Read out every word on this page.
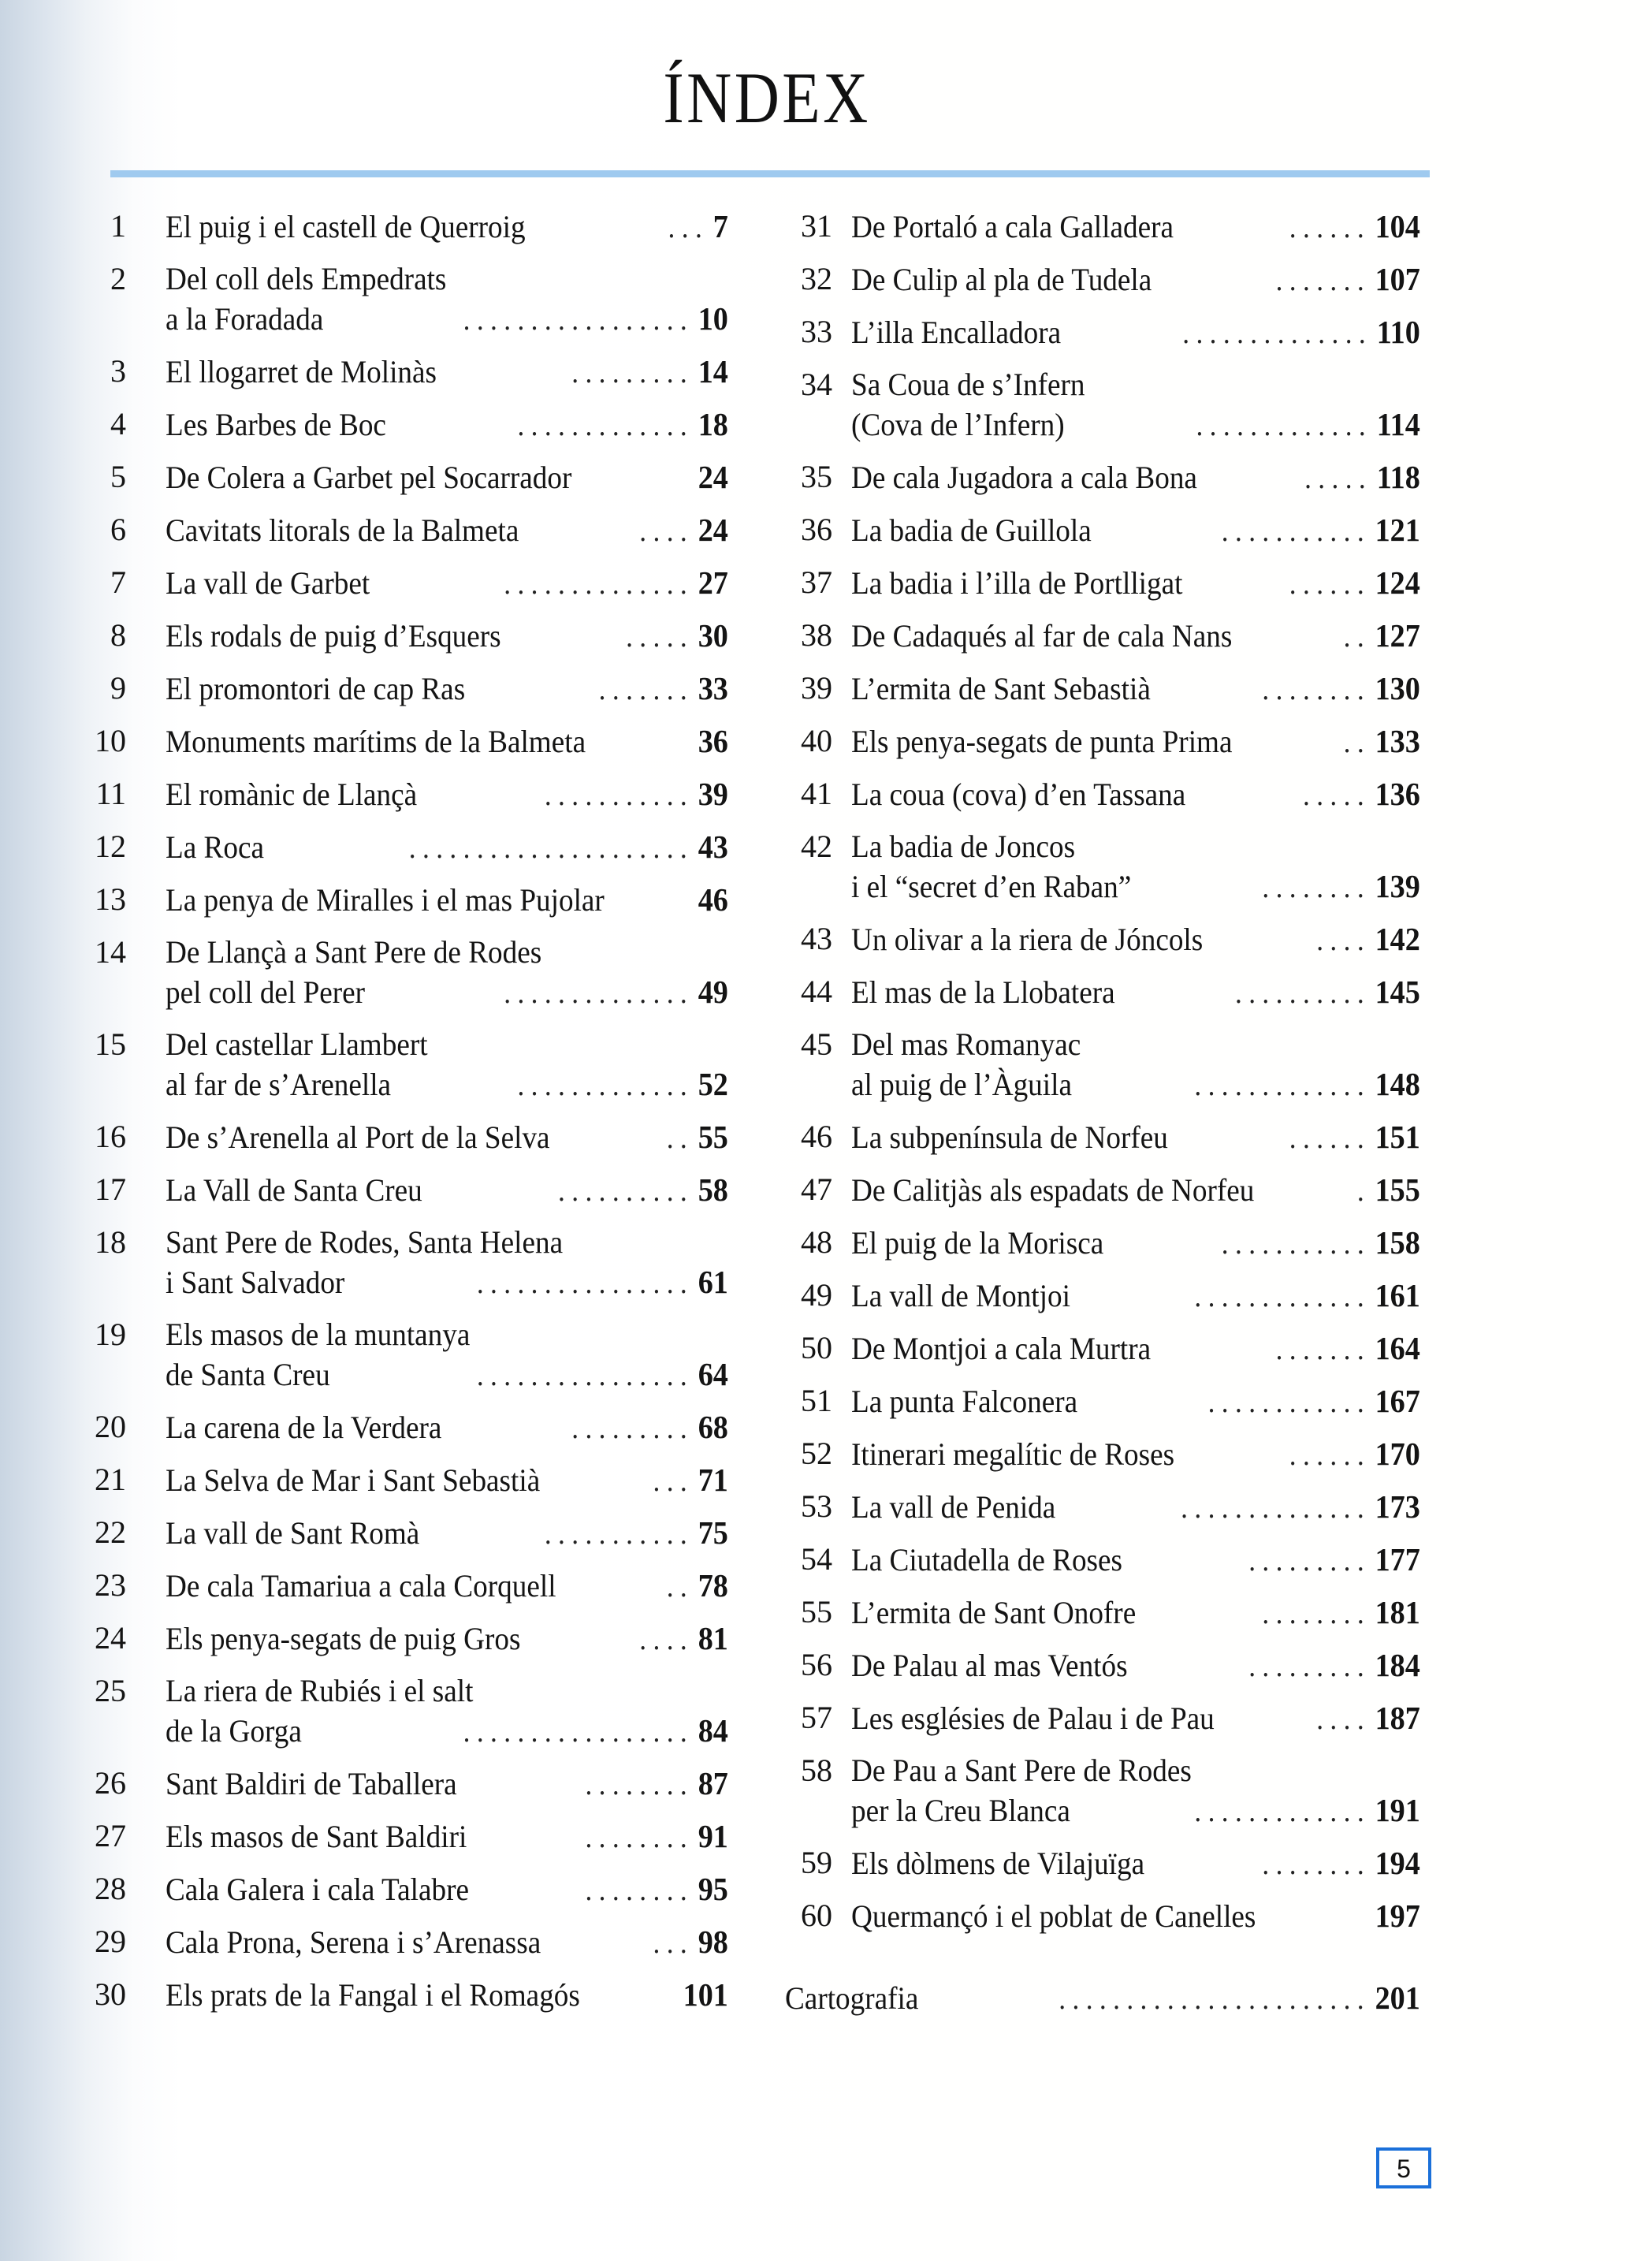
ÍNDEX
1 El puig i el castell de Querroig	... 7
2 Del coll dels Empedrats
a la Foradada	................. 10
3 El llogarret de Molinàs	......... 14
4 Les Barbes de Boc	............. 18
5 De Colera a Garbet pel Socarrador	24
6 Cavitats litorals de la Balmeta	.... 24
7 La vall de Garbet	.............. 27
8 Els rodals de puig d’Esquers	..... 30
9 El promontori de cap Ras	....... 33
10 Monuments marítims de la Balmeta	36
11 El romànic de Llançà	........... 39
12 La Roca	..................... 43
13 La penya de Miralles i el mas Pujolar	46
14 De Llançà a Sant Pere de Rodes
pel coll del Perer	.............. 49
15 Del castellar Llambert
al far de s’Arenella	............. 52
16 De s’Arenella al Port de la Selva	.. 55
17 La Vall de Santa Creu	.......... 58
18 Sant Pere de Rodes, Santa Helena
i Sant Salvador	................ 61
19 Els masos de la muntanya
de Santa Creu	................ 64
20 La carena de la Verdera	......... 68
21 La Selva de Mar i Sant Sebastià	... 71
22 La vall de Sant Romà	........... 75
23 De cala Tamariua a cala Corquell	.. 78
24 Els penya-segats de puig Gros	.... 81
25 La riera de Rubiés i el salt
de la Gorga	................. 84
26 Sant Baldiri de Taballera	........ 87
27 Els masos de Sant Baldiri	........ 91
28 Cala Galera i cala Talabre	........ 95
29 Cala Prona, Serena i s’Arenassa	... 98
30 Els prats de la Fangal i el Romagós	101
31 De Portaló a cala Galladera	...... 104
32 De Culip al pla de Tudela	....... 107
33 L’illa Encalladora	.............. 110
34 Sa Coua de s’Infern
(Cova de l’Infern)	............. 114
35 De cala Jugadora a cala Bona	..... 118
36 La badia de Guillola	........... 121
37 La badia i l’illa de Portlligat	...... 124
38 De Cadaqués al far de cala Nans	.. 127
39 L’ermita de Sant Sebastià	........ 130
40 Els penya-segats de punta Prima	.. 133
41 La coua (cova) d’en Tassana	..... 136
42 La badia de Joncos
i el “secret d’en Raban”	........ 139
43 Un olivar a la riera de Jóncols	.... 142
44 El mas de la Llobatera	.......... 145
45 Del mas Romanyac
al puig de l’Àguila	............. 148
46 La subpenínsula de Norfeu	...... 151
47 De Calitjàs als espadats de Norfeu	. 155
48 El puig de la Morisca	........... 158
49 La vall de Montjoi	............. 161
50 De Montjoi a cala Murtra	....... 164
51 La punta Falconera	............ 167
52 Itinerari megalític de Roses	...... 170
53 La vall de Penida	.............. 173
54 La Ciutadella de Roses	......... 177
55 L’ermita de Sant Onofre	........ 181
56 De Palau al mas Ventós	......... 184
57 Les esglésies de Palau i de Pau	.... 187
58 De Pau a Sant Pere de Rodes
per la Creu Blanca	............. 191
59 Els dòlmens de Vilajuïga	........ 194
60 Quermançó i el poblat de Canelles	197
Cartografia	....................... 201
5
